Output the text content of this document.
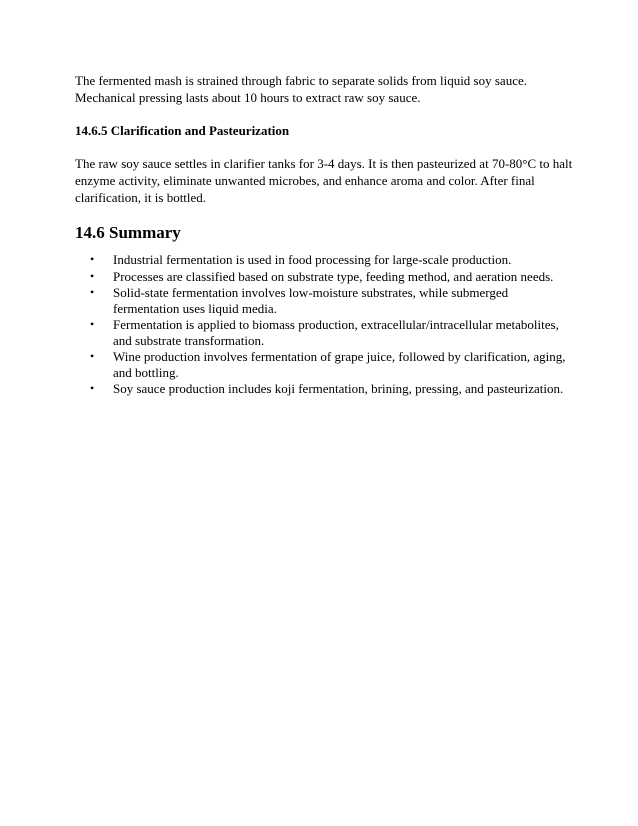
The fermented mash is strained through fabric to separate solids from liquid soy sauce. Mechanical pressing lasts about 10 hours to extract raw soy sauce.

14.6.5 Clarification and Pasteurization

The raw soy sauce settles in clarifier tanks for 3-4 days. It is then pasteurized at 70-80°C to halt enzyme activity, eliminate unwanted microbes, and enhance aroma and color. After final clarification, it is bottled.

14.6 Summary
• Industrial fermentation is used in food processing for large-scale production.
• Processes are classified based on substrate type, feeding method, and aeration needs.
• Solid-state fermentation involves low-moisture substrates, while submerged fermentation uses liquid media.
• Fermentation is applied to biomass production, extracellular/intracellular metabolites, and substrate transformation.
• Wine production involves fermentation of grape juice, followed by clarification, aging, and bottling.
• Soy sauce production includes koji fermentation, brining, pressing, and pasteurization.
